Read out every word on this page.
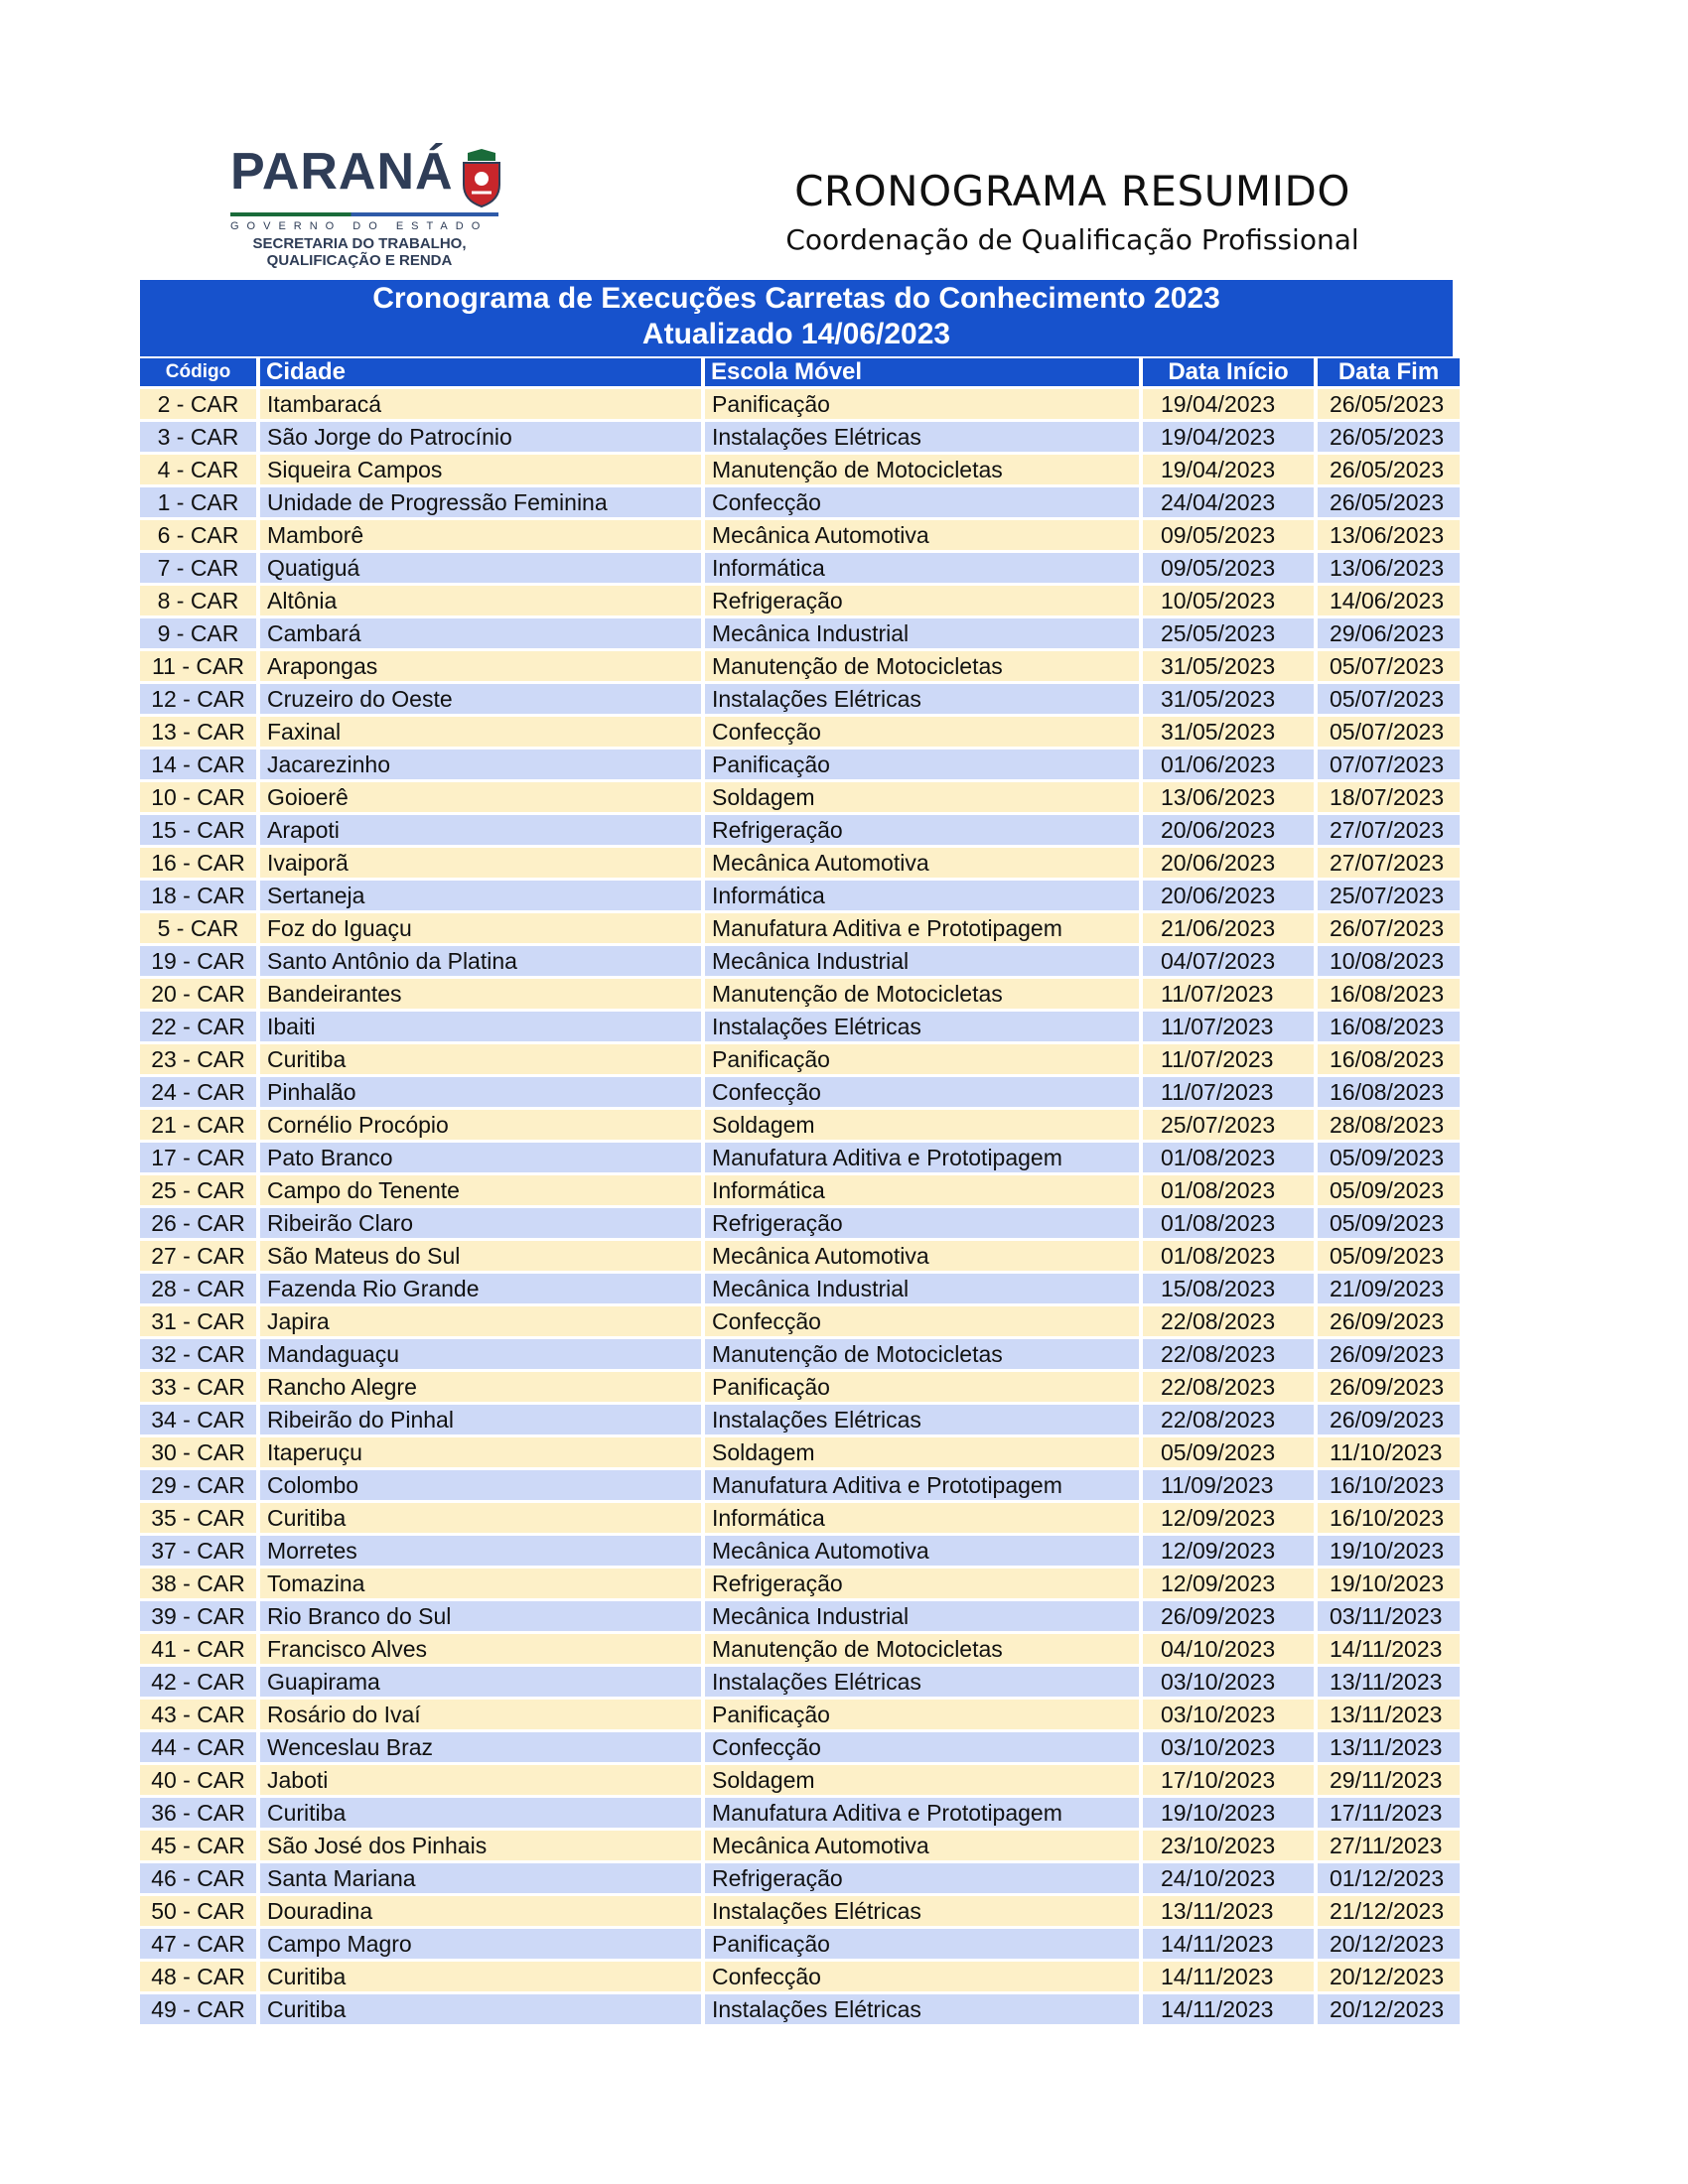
PARANÁ
GOVERNO DO ESTADO
SECRETARIA DO TRABALHO,
QUALIFICAÇÃO E RENDA
CRONOGRAMA RESUMIDO
Coordenação de Qualificação Profissional
Cronograma de Execuções Carretas do Conhecimento 2023
Atualizado 14/06/2023
Código	Cidade	Escola Móvel	Data Início	Data Fim
2 - CAR	Itambaracá	Panificação	19/04/2023	26/05/2023
3 - CAR	São Jorge do Patrocínio	Instalações Elétricas	19/04/2023	26/05/2023
4 - CAR	Siqueira Campos	Manutenção de Motocicletas	19/04/2023	26/05/2023
1 - CAR	Unidade de Progressão Feminina	Confecção	24/04/2023	26/05/2023
6 - CAR	Mamborê	Mecânica Automotiva	09/05/2023	13/06/2023
7 - CAR	Quatiguá	Informática	09/05/2023	13/06/2023
8 - CAR	Altônia	Refrigeração	10/05/2023	14/06/2023
9 - CAR	Cambará	Mecânica Industrial	25/05/2023	29/06/2023
11 - CAR	Arapongas	Manutenção de Motocicletas	31/05/2023	05/07/2023
12 - CAR	Cruzeiro do Oeste	Instalações Elétricas	31/05/2023	05/07/2023
13 - CAR	Faxinal	Confecção	31/05/2023	05/07/2023
14 - CAR	Jacarezinho	Panificação	01/06/2023	07/07/2023
10 - CAR	Goioerê	Soldagem	13/06/2023	18/07/2023
15 - CAR	Arapoti	Refrigeração	20/06/2023	27/07/2023
16 - CAR	Ivaiporã	Mecânica Automotiva	20/06/2023	27/07/2023
18 - CAR	Sertaneja	Informática	20/06/2023	25/07/2023
5 - CAR	Foz do Iguaçu	Manufatura Aditiva e Prototipagem	21/06/2023	26/07/2023
19 - CAR	Santo Antônio da Platina	Mecânica Industrial	04/07/2023	10/08/2023
20 - CAR	Bandeirantes	Manutenção de Motocicletas	11/07/2023	16/08/2023
22 - CAR	Ibaiti	Instalações Elétricas	11/07/2023	16/08/2023
23 - CAR	Curitiba	Panificação	11/07/2023	16/08/2023
24 - CAR	Pinhalão	Confecção	11/07/2023	16/08/2023
21 - CAR	Cornélio Procópio	Soldagem	25/07/2023	28/08/2023
17 - CAR	Pato Branco	Manufatura Aditiva e Prototipagem	01/08/2023	05/09/2023
25 - CAR	Campo do Tenente	Informática	01/08/2023	05/09/2023
26 - CAR	Ribeirão Claro	Refrigeração	01/08/2023	05/09/2023
27 - CAR	São Mateus do Sul	Mecânica Automotiva	01/08/2023	05/09/2023
28 - CAR	Fazenda Rio Grande	Mecânica Industrial	15/08/2023	21/09/2023
31 - CAR	Japira	Confecção	22/08/2023	26/09/2023
32 - CAR	Mandaguaçu	Manutenção de Motocicletas	22/08/2023	26/09/2023
33 - CAR	Rancho Alegre	Panificação	22/08/2023	26/09/2023
34 - CAR	Ribeirão do Pinhal	Instalações Elétricas	22/08/2023	26/09/2023
30 - CAR	Itaperuçu	Soldagem	05/09/2023	11/10/2023
29 - CAR	Colombo	Manufatura Aditiva e Prototipagem	11/09/2023	16/10/2023
35 - CAR	Curitiba	Informática	12/09/2023	16/10/2023
37 - CAR	Morretes	Mecânica Automotiva	12/09/2023	19/10/2023
38 - CAR	Tomazina	Refrigeração	12/09/2023	19/10/2023
39 - CAR	Rio Branco do Sul	Mecânica Industrial	26/09/2023	03/11/2023
41 - CAR	Francisco Alves	Manutenção de Motocicletas	04/10/2023	14/11/2023
42 - CAR	Guapirama	Instalações Elétricas	03/10/2023	13/11/2023
43 - CAR	Rosário do Ivaí	Panificação	03/10/2023	13/11/2023
44 - CAR	Wenceslau Braz	Confecção	03/10/2023	13/11/2023
40 - CAR	Jaboti	Soldagem	17/10/2023	29/11/2023
36 - CAR	Curitiba	Manufatura Aditiva e Prototipagem	19/10/2023	17/11/2023
45 - CAR	São José dos Pinhais	Mecânica Automotiva	23/10/2023	27/11/2023
46 - CAR	Santa Mariana	Refrigeração	24/10/2023	01/12/2023
50 - CAR	Douradina	Instalações Elétricas	13/11/2023	21/12/2023
47 - CAR	Campo Magro	Panificação	14/11/2023	20/12/2023
48 - CAR	Curitiba	Confecção	14/11/2023	20/12/2023
49 - CAR	Curitiba	Instalações Elétricas	14/11/2023	20/12/2023
